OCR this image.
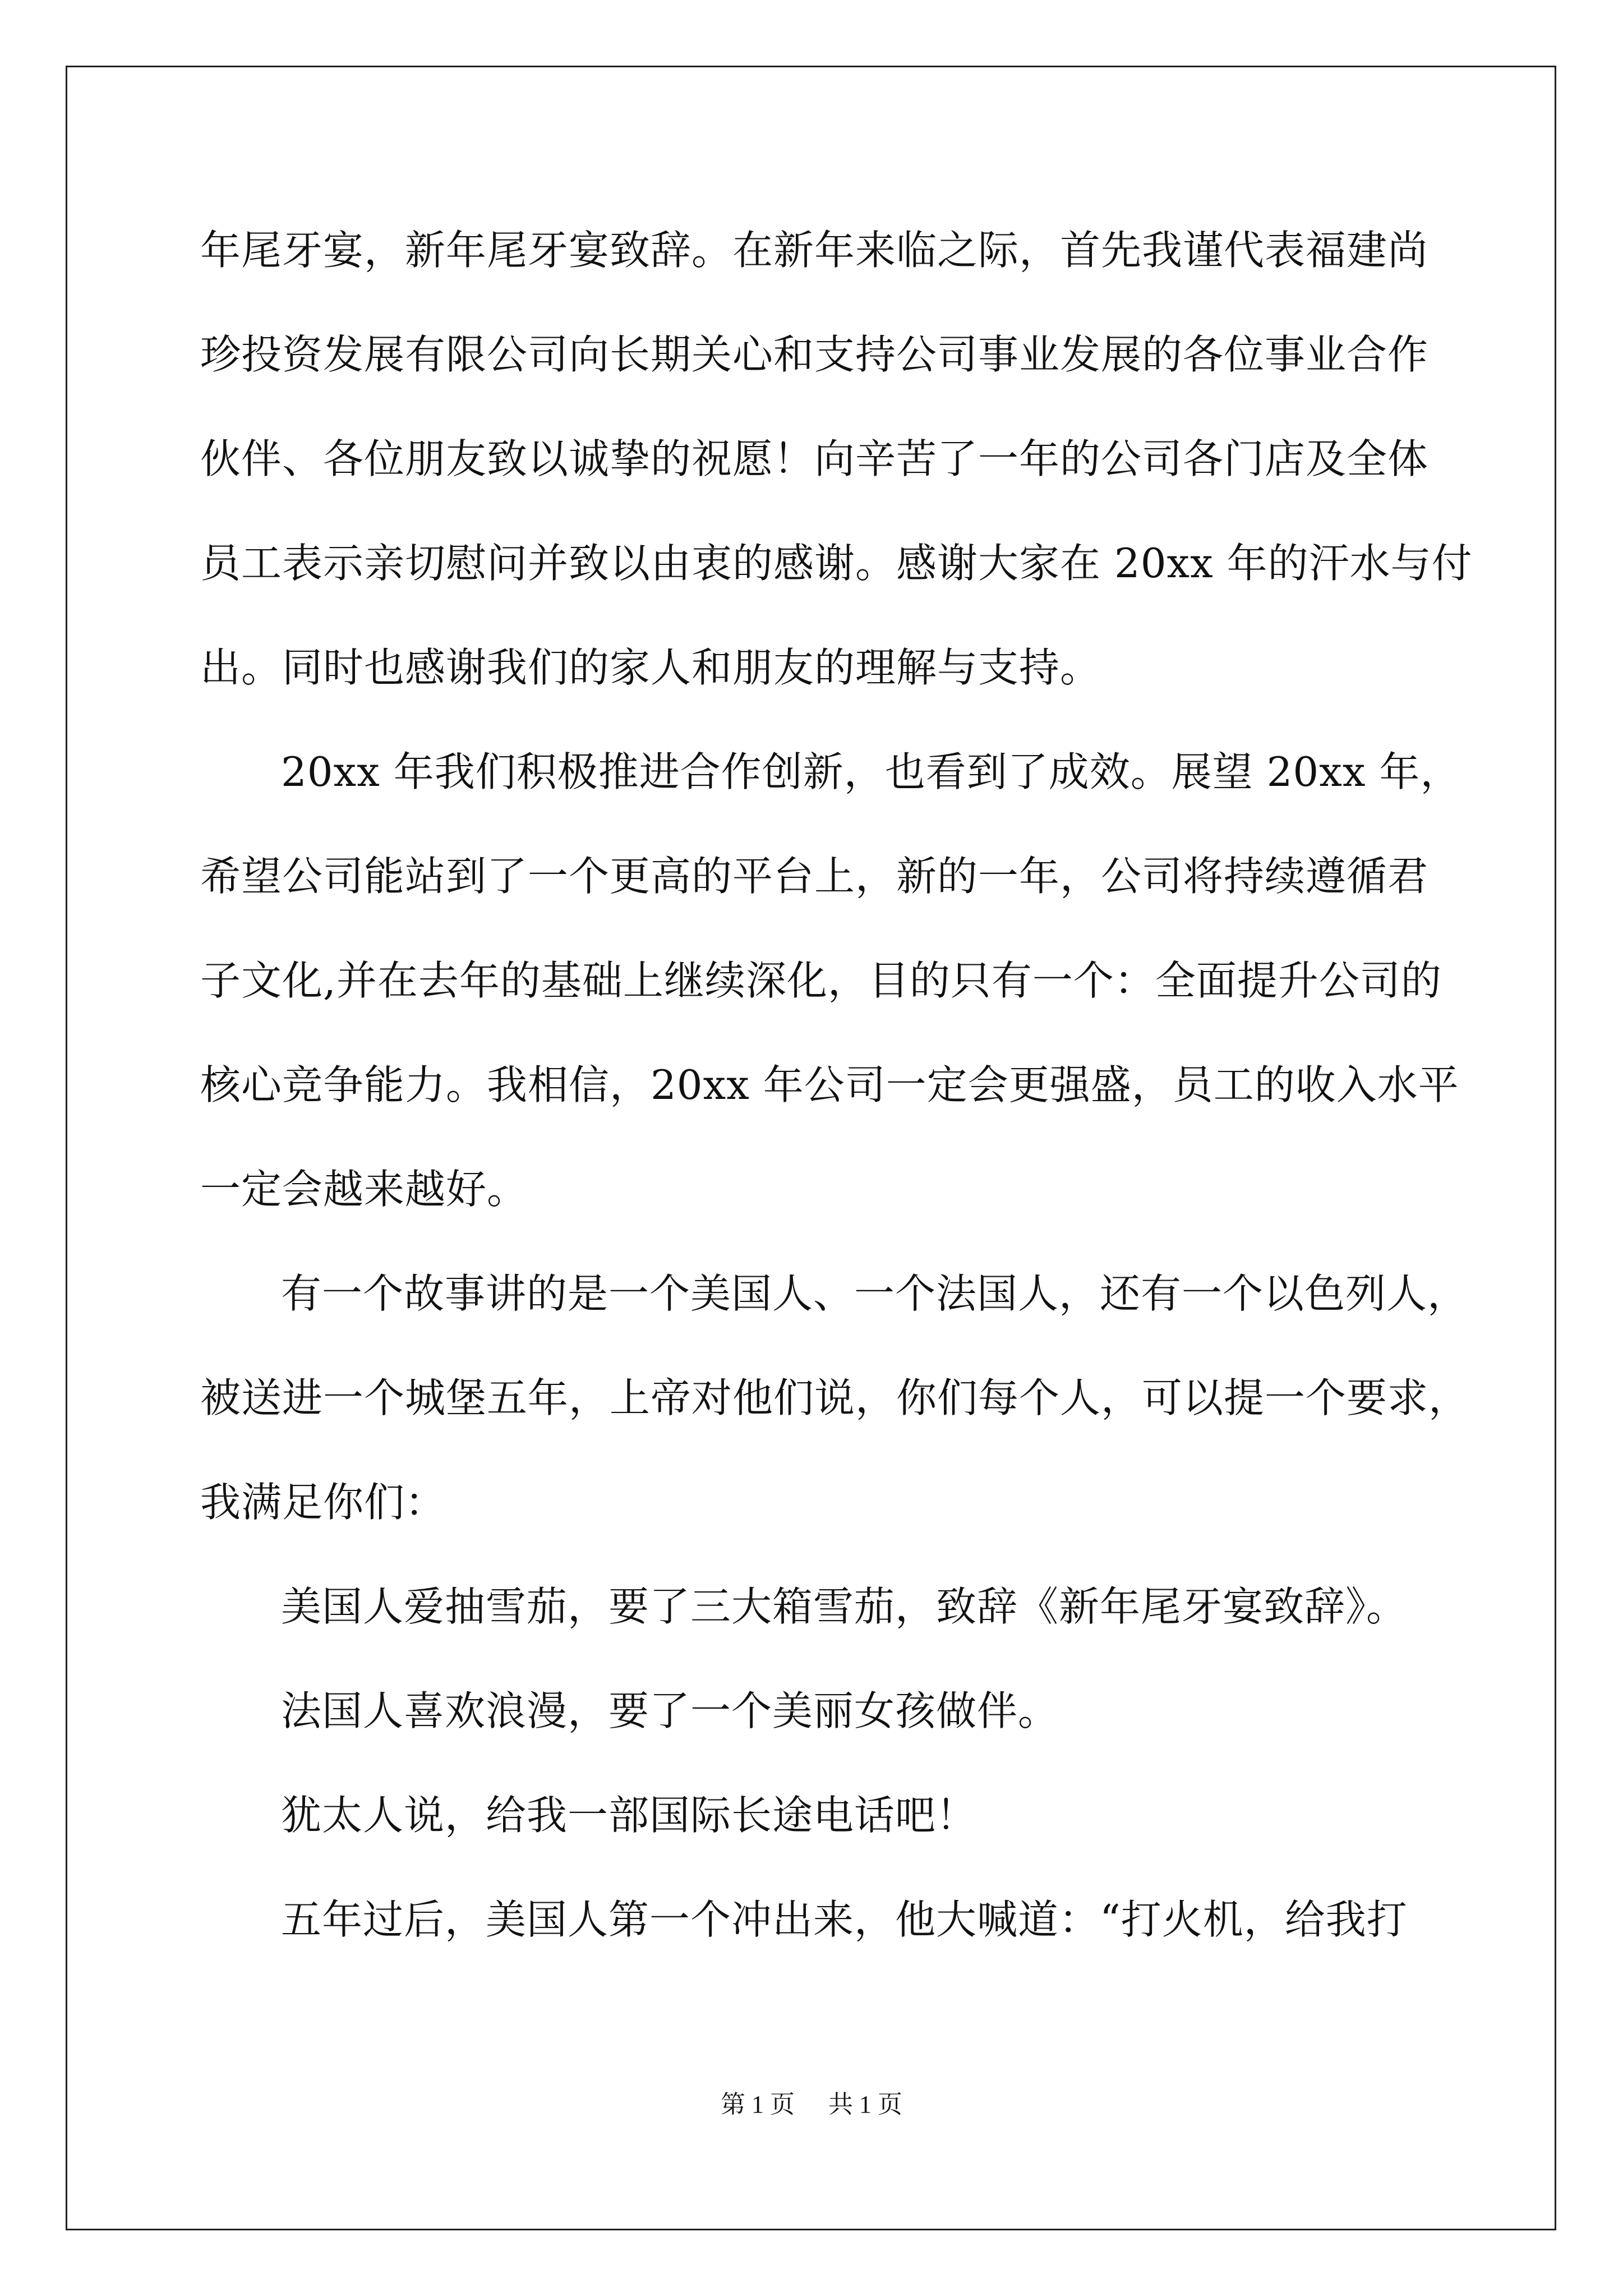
年尾牙宴，新年尾牙宴致辞。在新年来临之际，首先我谨代表福建尚
珍投资发展有限公司向长期关心和支持公司事业发展的各位事业合作
伙伴、各位朋友致以诚挚的祝愿！向辛苦了一年的公司各门店及全体
员工表示亲切慰问并致以由衷的感谢。感谢大家在 20xx 年的汗水与付
出。同时也感谢我们的家人和朋友的理解与支持。
20xx 年我们积极推进合作创新，也看到了成效。展望 20xx 年，
希望公司能站到了一个更高的平台上，新的一年，公司将持续遵循君
子文化,并在去年的基础上继续深化，目的只有一个：全面提升公司的
核心竞争能力。我相信，20xx 年公司一定会更强盛，员工的收入水平
一定会越来越好。
有一个故事讲的是一个美国人、一个法国人，还有一个以色列人，
被送进一个城堡五年，上帝对他们说，你们每个人，可以提一个要求，
我满足你们：
美国人爱抽雪茄，要了三大箱雪茄，致辞《新年尾牙宴致辞》。
法国人喜欢浪漫，要了一个美丽女孩做伴。
犹太人说，给我一部国际长途电话吧！
五年过后，美国人第一个冲出来，他大喊道：“打火机，给我打
第 1 页 共 1 页
